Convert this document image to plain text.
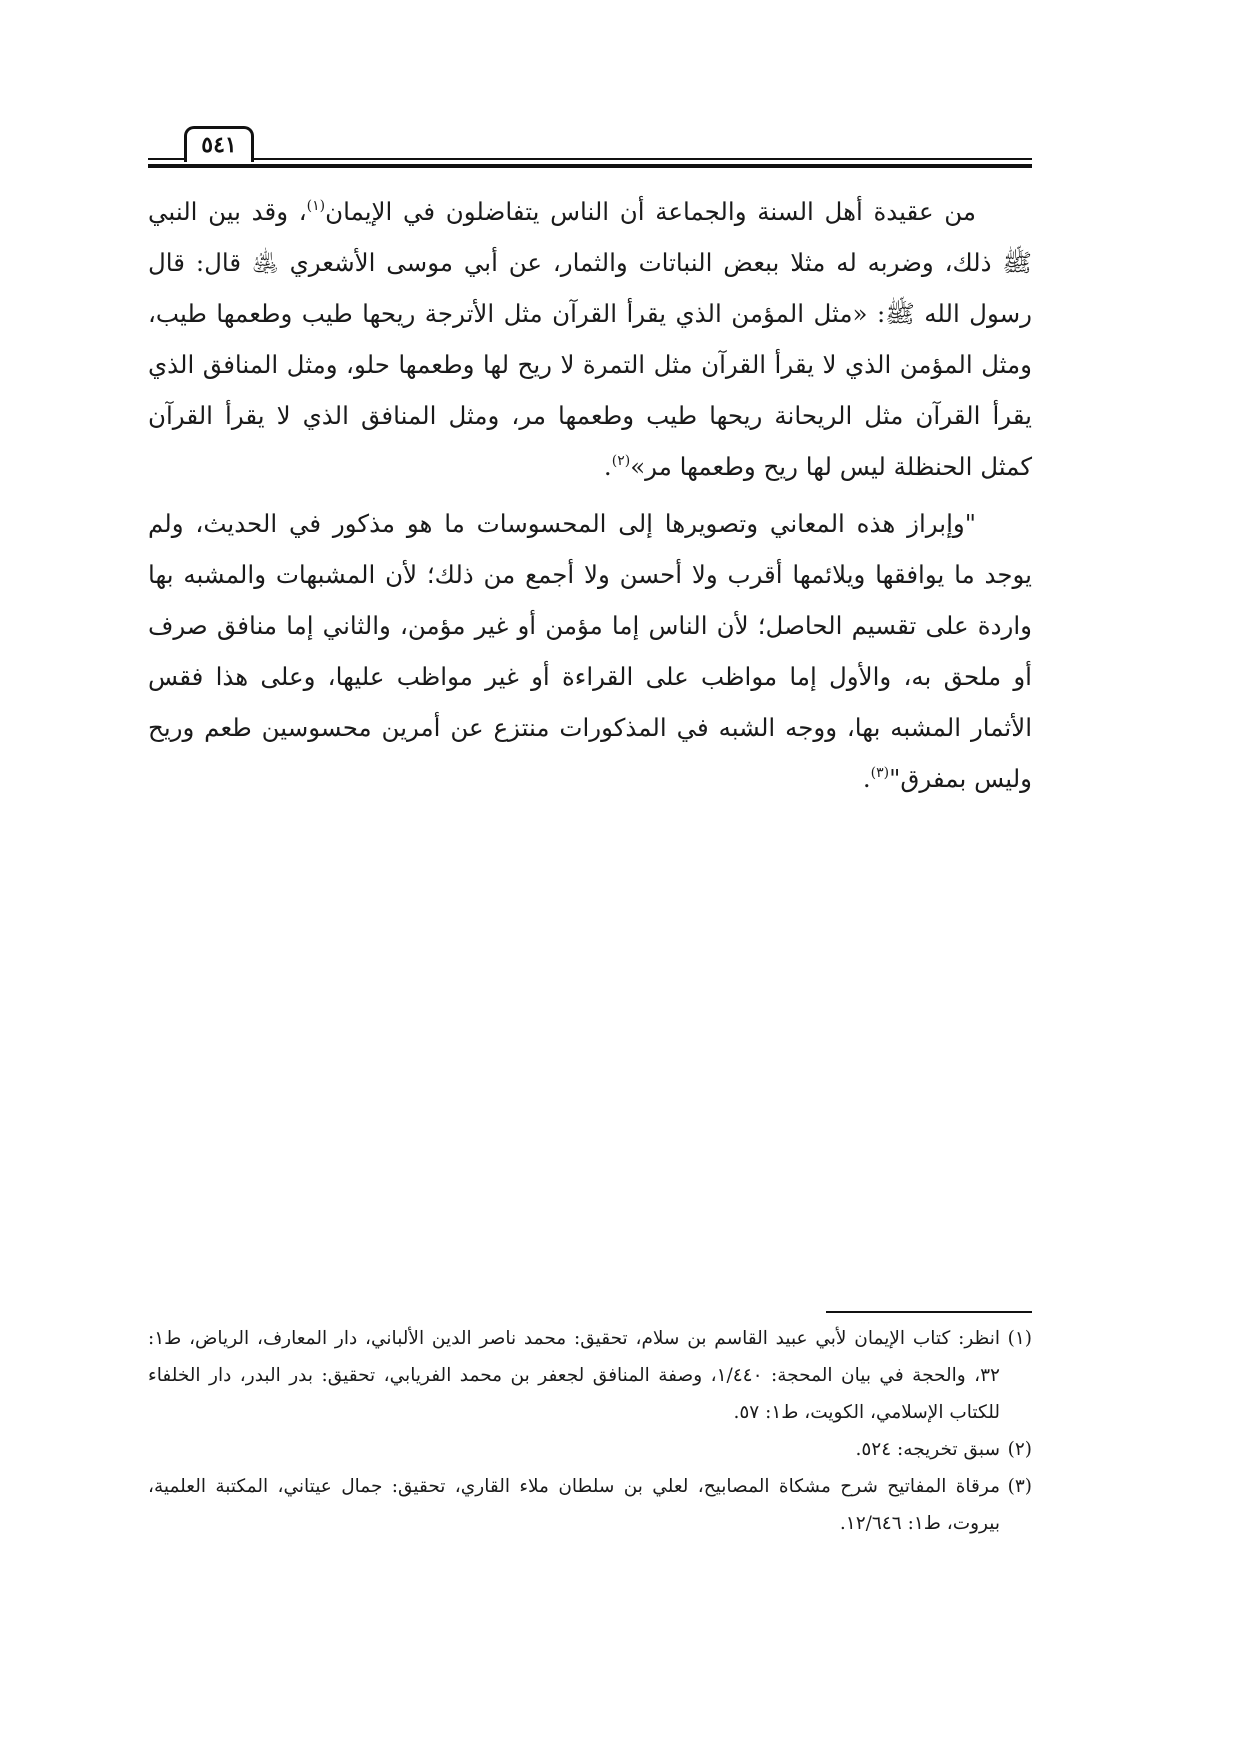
٥٤١

من عقيدة أهل السنة والجماعة أن الناس يتفاضلون في الإيمان$^{(١)}$، وقد بين النبي ﷺ ذلك، وضربه له مثلا ببعض النباتات والثمار، عن أبي موسى الأشعري ﵁ قال: قال رسول الله ﷺ: «مثل المؤمن الذي يقرأ القرآن مثل الأترجة ريحها طيب وطعمها طيب، ومثل المؤمن الذي لا يقرأ القرآن مثل التمرة لا ريح لها وطعمها حلو، ومثل المنافق الذي يقرأ القرآن مثل الريحانة ريحها طيب وطعمها مر، ومثل المنافق الذي لا يقرأ القرآن كمثل الحنظلة ليس لها ريح وطعمها مر»$^{(٢)}$.

"وإبراز هذه المعاني وتصويرها إلى المحسوسات ما هو مذكور في الحديث، ولم يوجد ما يوافقها ويلائمها أقرب ولا أحسن ولا أجمع من ذلك؛ لأن المشبهات والمشبه بها واردة على تقسيم الحاصل؛ لأن الناس إما مؤمن أو غير مؤمن، والثاني إما منافق صرف أو ملحق به، والأول إما مواظب على القراءة أو غير مواظب عليها، وعلى هذا فقس الأثمار المشبه بها، ووجه الشبه في المذكورات منتزع عن أمرين محسوسين طعم وريح وليس بمفرق"$^{(٣)}$.

(١)انظر: كتاب الإيمان لأبي عبيد القاسم بن سلام، تحقيق: محمد ناصر الدين الألباني، دار المعارف، الرياض، ط١: ٣٢، والحجة في بيان المحجة: ١/٤٤٠، وصفة المنافق لجعفر بن محمد الفريابي، تحقيق: بدر البدر، دار الخلفاء للكتاب الإسلامي، الكويت، ط١: ٥٧.

(٢)سبق تخريجه: ٥٢٤.

(٣)مرقاة المفاتيح شرح مشكاة المصابيح، لعلي بن سلطان ملاء القاري، تحقيق: جمال عيتاني، المكتبة العلمية، بيروت، ط١: ١٢/٦٤٦.
